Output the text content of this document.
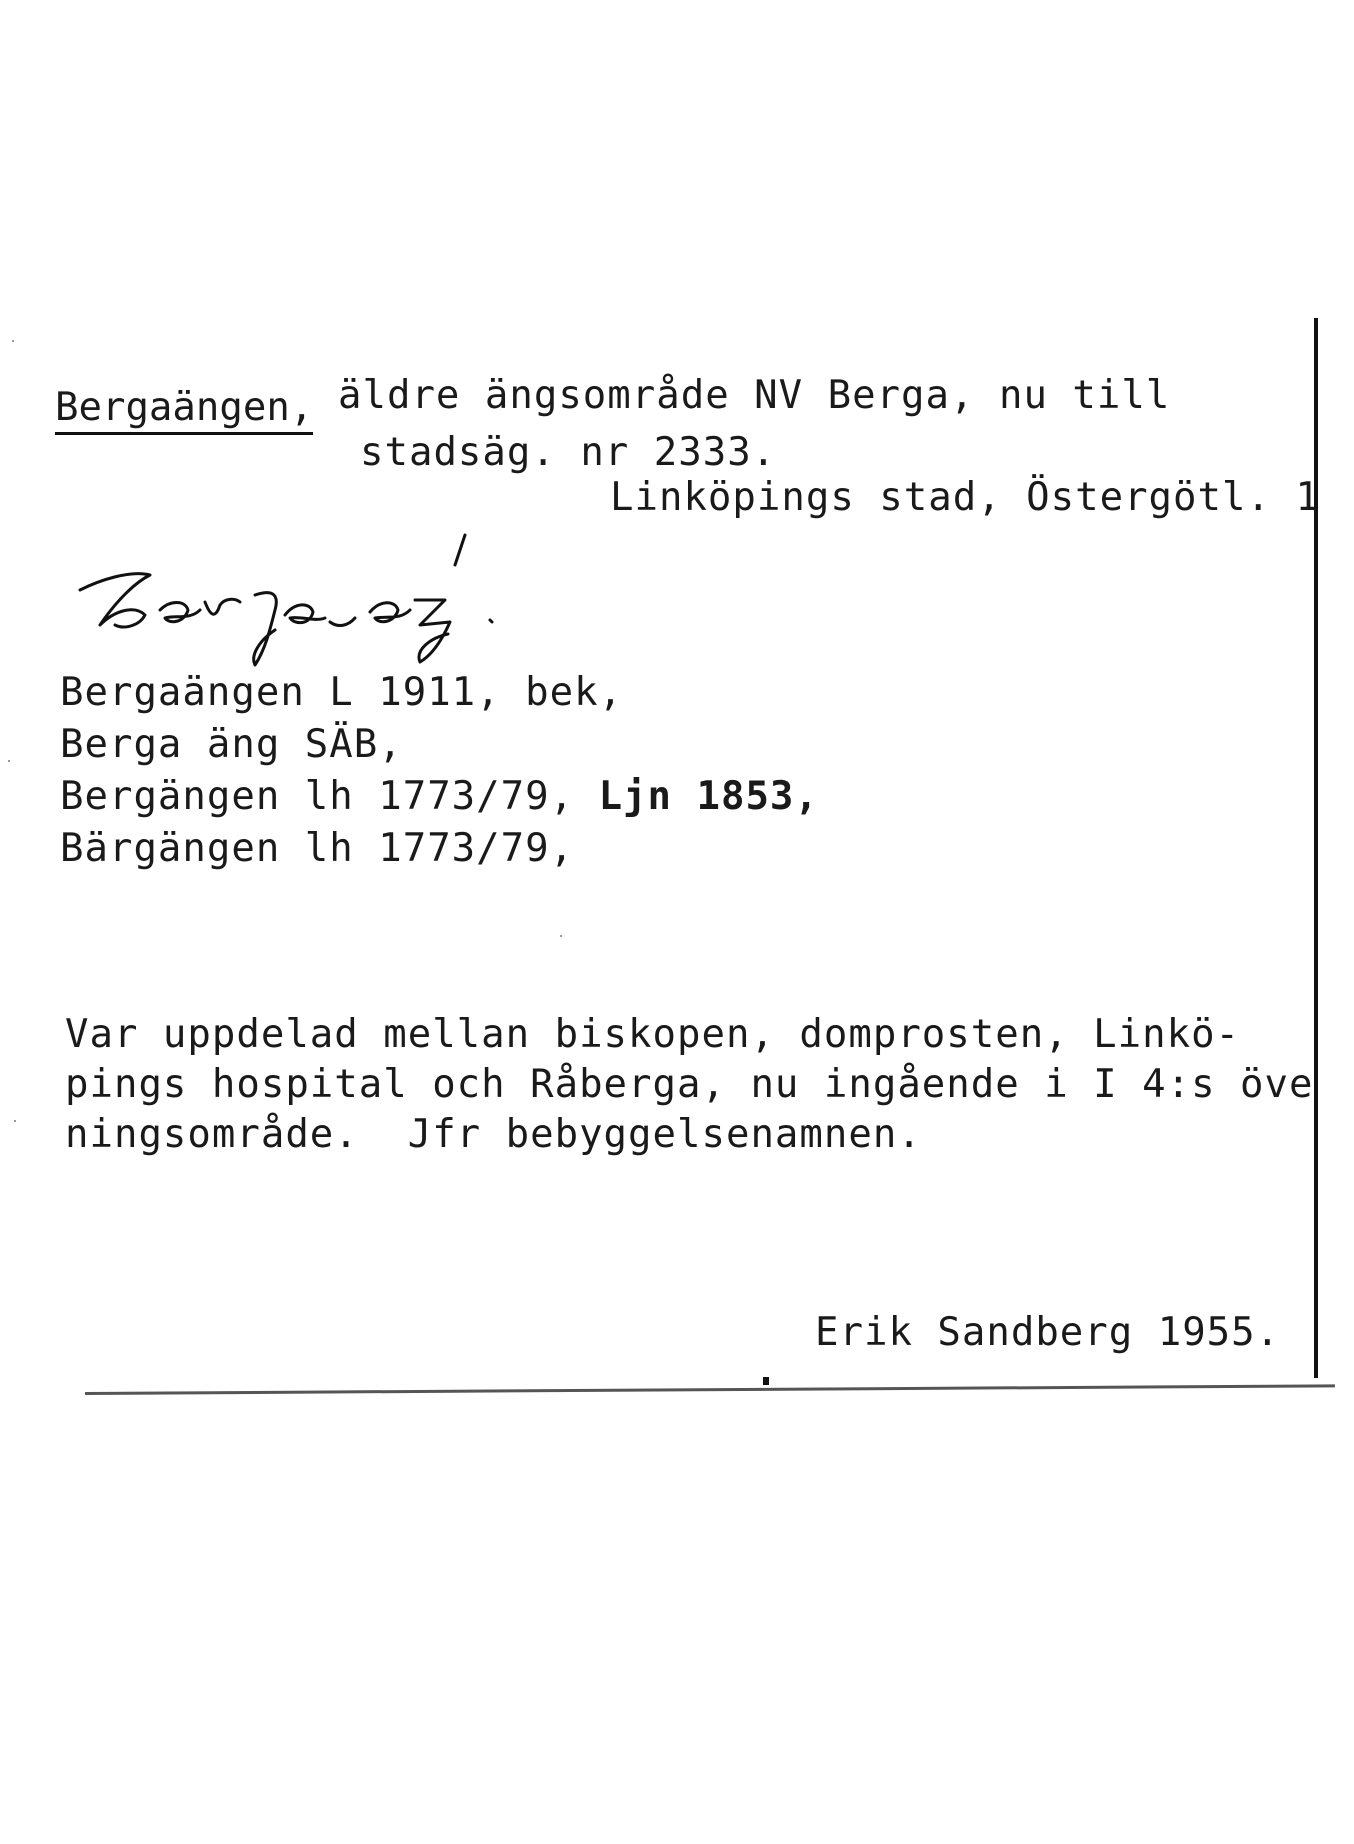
Bergaängen, äldre ängsområde NV Berga, nu till
stadsäg. nr 2333.
Linköpings stad, Östergötl. 1
Bergaängen L 1911, bek,
Berga äng SÄB,
Bergängen lh 1773/79, Ljn 1853,
Bärgängen lh 1773/79,
Var uppdelad mellan biskopen, domprosten, Linkö-
pings hospital och Råberga, nu ingående i I 4:s öve
ningsområde.  Jfr bebyggelsenamnen.
Erik Sandberg 1955.
